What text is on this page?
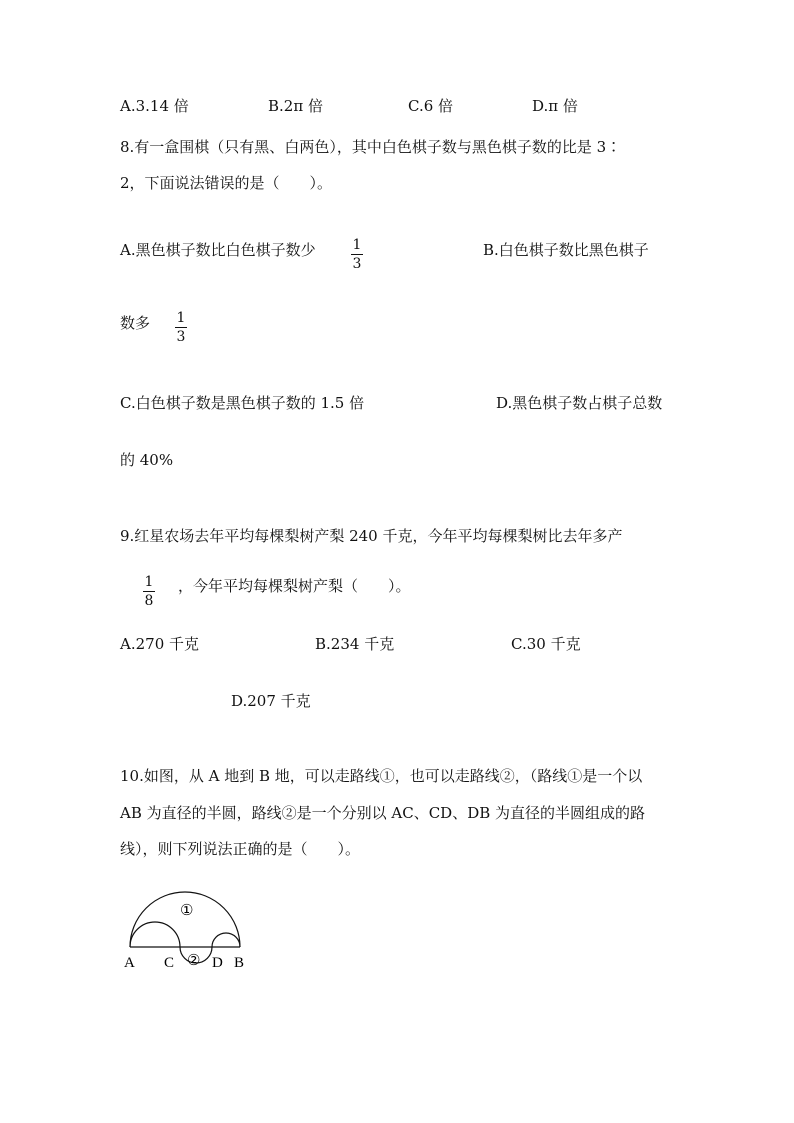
A.3.14 倍	B.2π 倍	C.6 倍	D.π 倍
8.有一盒围棋（只有黑、白两色），其中白色棋子数与黑色棋子数的比是 3∶
2，下面说法错误的是（　　）。
A.黑色棋子数比白色棋子数少	1
3
B.白色棋子数比黑色棋子
数多 1
3
C.白色棋子数是黑色棋子数的 1.5 倍	D.黑色棋子数占棋子总数
的 40%
9.红星农场去年平均每棵梨树产梨 240 千克，今年平均每棵梨树比去年多产
1
8
，今年平均每棵梨树产梨（　　）。
A.270 千克	B.234 千克	C.30 千克
D.207 千克
10.如图，从 A 地到 B 地，可以走路线①，也可以走路线②，（路线①是一个以
AB 为直径的半圆，路线②是一个分别以 AC、CD、DB 为直径的半圆组成的路
线），则下列说法正确的是（　　）。
①
②
A C	D B
